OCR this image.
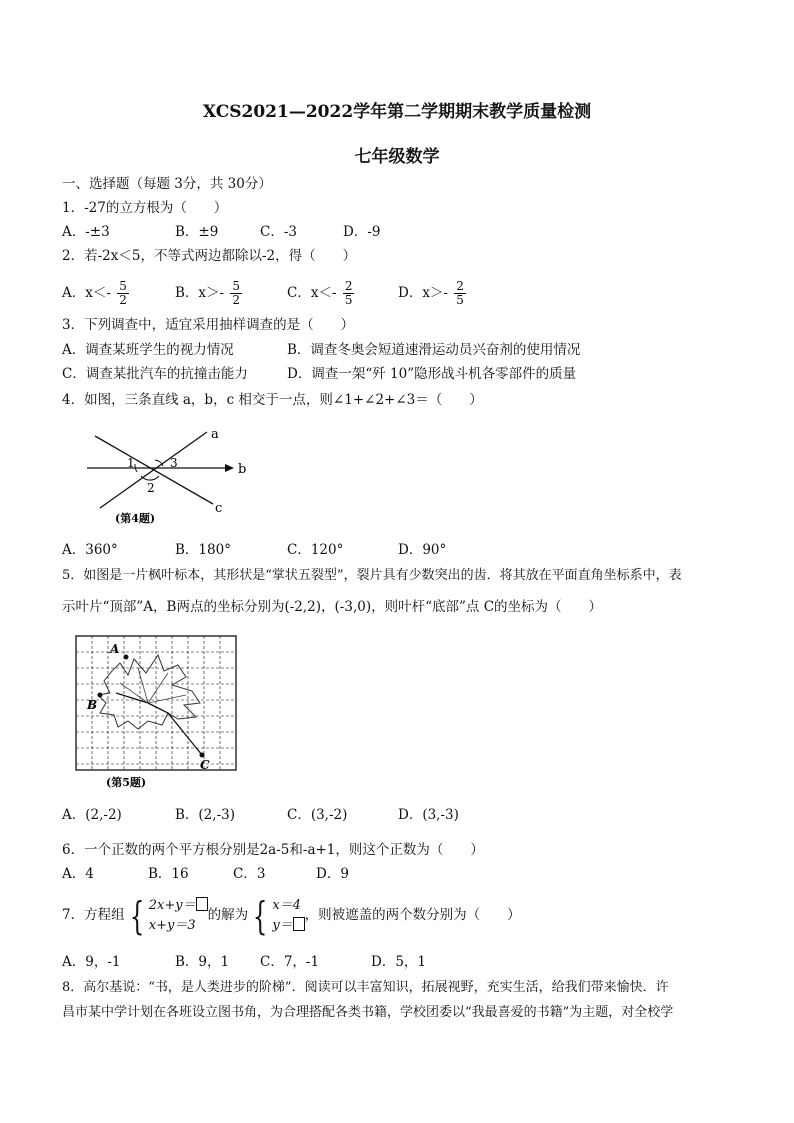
XCS2021—2022学年第二学期期末教学质量检测
七年级数学
一、选择题（每题 3分，共 30分）
1．-27的立方根为（　　）
A．-±3	B．±9	C．-3	D．-9
2．若-2x＜5，不等式两边都除以-2，得（　　）
A．$x<- \frac{5}{2}$	B．$x>- \frac{5}{2}$	C．$x<- \frac{2}{5}$	D．$x>- \frac{2}{5}$
3．下列调查中，适宜采用抽样调查的是（　　）
A．调查某班学生的视力情况	B．调查冬奥会短道速滑运动员兴奋剂的使用情况
C．调查某批汽车的抗撞击能力	D．调查一架“歼 10”隐形战斗机各零部件的质量
4．如图，三条直线 a，b，c 相交于一点，则∠1+∠2+∠3＝（　　）
a
b
c
1
2
3
(第4题)
A．360°	B．180°	C．120°	D．90°
5．如图是一片枫叶标本，其形状是“掌状五裂型”，裂片具有少数突出的齿．将其放在平面直角坐标系中，表
示叶片“顶部”A，B两点的坐标分别为(-2,2)，(-3,0)，则叶杆“底部”点 C的坐标为（　　）
A
B
C
(第5题)
A．(2,-2)	B．(2,-3)	C．(3,-2)	D．(3,-3)
6．一个正数的两个平方根分别是2a-5和-a+1，则这个正数为（　　）
A．4	B．16	C．3	D．9
7．方程组 { 2x+y＝
x+y＝3的解为 { x＝4
y＝，则被遮盖的两个数分别为（　　）
A．9，-1	B．9，1 C．7，-1	D．5，1
8．高尔基说：“书，是人类进步的阶梯”．阅读可以丰富知识，拓展视野，充实生活，给我们带来愉快．许
昌市某中学计划在各班设立图书角，为合理搭配各类书籍，学校团委以“我最喜爱的书籍”为主题，对全校学
